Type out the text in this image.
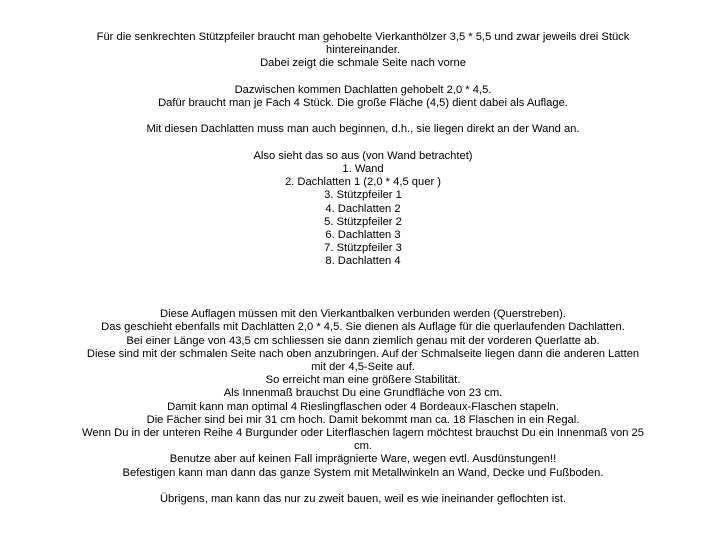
Für die senkrechten Stützpfeiler braucht man gehobelte Vierkanthölzer 3,5 * 5,5 und zwar jeweils drei Stück hintereinander.
Dabei zeigt die schmale Seite nach vorne
Dazwischen kommen Dachlatten gehobelt 2,0 * 4,5.
Dafür braucht man je Fach 4 Stück. Die große Fläche (4,5) dient dabei als Auflage.
Mit diesen Dachlatten muss man auch beginnen, d.h., sie liegen direkt an der Wand an.
Also sieht das so aus (von Wand betrachtet)
1. Wand
2. Dachlatten 1 (2,0 * 4,5 quer )
3. Stützpfeiler 1
4. Dachlatten 2
5. Stützpfeiler 2
6. Dachlatten 3
7. Stützpfeiler 3
8. Dachlatten 4
Diese Auflagen müssen mit den Vierkantbalken verbunden werden (Querstreben).
Das geschieht ebenfalls mit Dachlatten 2,0 * 4,5. Sie dienen als Auflage für die querlaufenden Dachlatten.
Bei einer Länge von 43,5 cm schliessen sie dann ziemlich genau mit der vorderen Querlatte ab.
Diese sind mit der schmalen Seite nach oben anzubringen. Auf der Schmalseite liegen dann die anderen Latten mit der 4,5-Seite auf.
So erreicht man eine größere Stabilität.
Als Innenmaß brauchst Du eine Grundfläche von 23 cm.
Damit kann man optimal 4 Rieslingflaschen oder 4 Bordeaux-Flaschen stapeln.
Die Fächer sind bei mir 31 cm hoch. Damit bekommt man ca. 18 Flaschen in ein Regal.
Wenn Du in der unteren Reihe 4 Burgunder oder Literflaschen lagern möchtest brauchst Du ein Innenmaß von 25 cm.
Benutze aber auf keinen Fall imprägnierte Ware, wegen evtl. Ausdünstungen!!
Befestigen kann man dann das ganze System mit Metallwinkeln an Wand, Decke und Fußboden.
Übrigens, man kann das nur zu zweit bauen, weil es wie ineinander geflochten ist.
